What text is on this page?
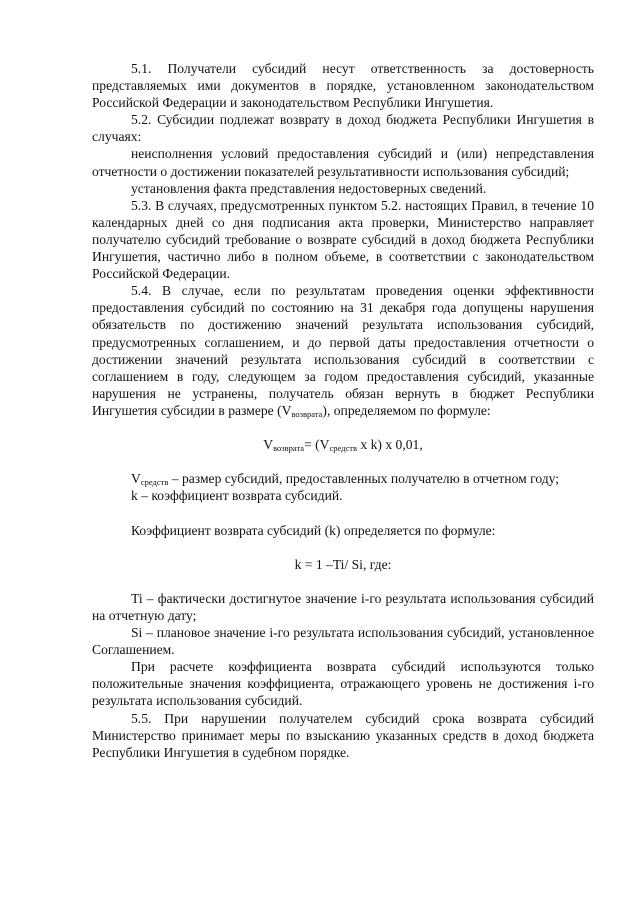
5.1. Получатели субсидий несут ответственность за достоверность представляемых ими документов в порядке, установленном законодательством Российской Федерации и законодательством Республики Ингушетия.

5.2. Субсидии подлежат возврату в доход бюджета Республики Ингушетия в случаях:

неисполнения условий предоставления субсидий и (или) непредставления отчетности о достижении показателей результативности использования субсидий;

установления факта представления недостоверных сведений.

5.3. В случаях, предусмотренных пунктом 5.2. настоящих Правил, в течение 10 календарных дней со дня подписания акта проверки, Министерство направляет получателю субсидий требование о возврате субсидий в доход бюджета Республики Ингушетия, частично либо в полном объеме, в соответствии с законодательством Российской Федерации.

5.4. В случае, если по результатам проведения оценки эффективности предоставления субсидий по состоянию на 31 декабря года допущены нарушения обязательств по достижению значений результата использования субсидий, предусмотренных соглашением, и до первой даты предоставления отчетности о достижении значений результата использования субсидий в соответствии с соглашением в году, следующем за годом предоставления субсидий, указанные нарушения не устранены, получатель обязан вернуть в бюджет Республики Ингушетия субсидии в размере $(V_{возврата})$, определяемом по формуле:

$V_{возврата}= (V_{средств}$ x k) x 0,01,

$V_{средств}$ – размер субсидий, предоставленных получателю в отчетном году;

k – коэффициент возврата субсидий.

Коэффициент возврата субсидий (k) определяется по формуле:

k = 1 –Ti/ Si, где:

Ti – фактически достигнутое значение i-го результата использования субсидий на отчетную дату;

Si – плановое значение i-го результата использования субсидий, установленное Соглашением.

При расчете коэффициента возврата субсидий используются только положительные значения коэффициента, отражающего уровень не достижения i-го результата использования субсидий.

5.5. При нарушении получателем субсидий срока возврата субсидий Министерство принимает меры по взысканию указанных средств в доход бюджета Республики Ингушетия в судебном порядке.
